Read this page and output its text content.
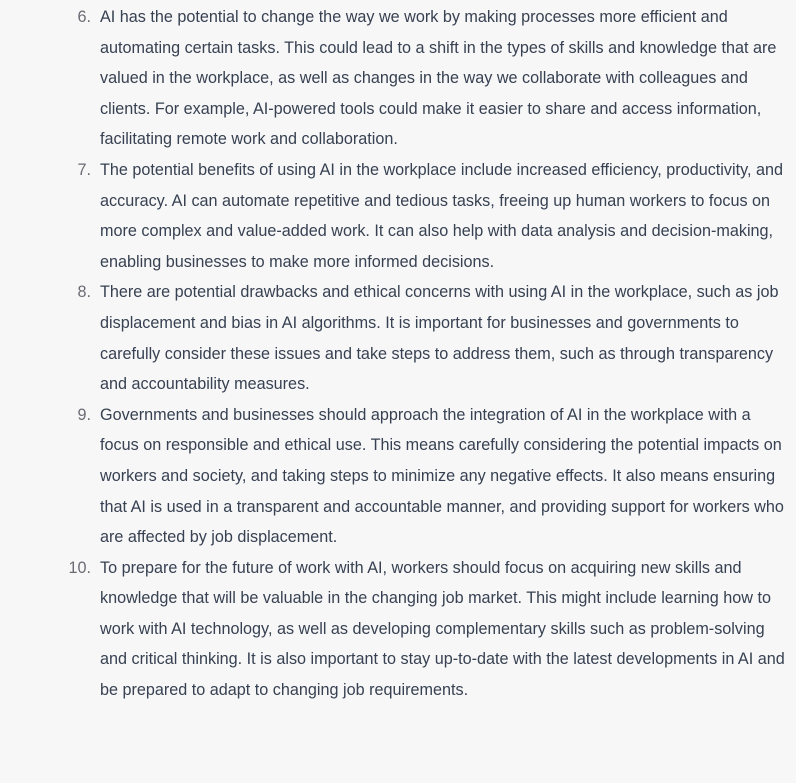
6. AI has the potential to change the way we work by making processes more efficient and automating certain tasks. This could lead to a shift in the types of skills and knowledge that are valued in the workplace, as well as changes in the way we collaborate with colleagues and clients. For example, AI-powered tools could make it easier to share and access information, facilitating remote work and collaboration.
7. The potential benefits of using AI in the workplace include increased efficiency, productivity, and accuracy. AI can automate repetitive and tedious tasks, freeing up human workers to focus on more complex and value-added work. It can also help with data analysis and decision-making, enabling businesses to make more informed decisions.
8. There are potential drawbacks and ethical concerns with using AI in the workplace, such as job displacement and bias in AI algorithms. It is important for businesses and governments to carefully consider these issues and take steps to address them, such as through transparency and accountability measures.
9. Governments and businesses should approach the integration of AI in the workplace with a focus on responsible and ethical use. This means carefully considering the potential impacts on workers and society, and taking steps to minimize any negative effects. It also means ensuring that AI is used in a transparent and accountable manner, and providing support for workers who are affected by job displacement.
10. To prepare for the future of work with AI, workers should focus on acquiring new skills and knowledge that will be valuable in the changing job market. This might include learning how to work with AI technology, as well as developing complementary skills such as problem-solving and critical thinking. It is also important to stay up-to-date with the latest developments in AI and be prepared to adapt to changing job requirements.
